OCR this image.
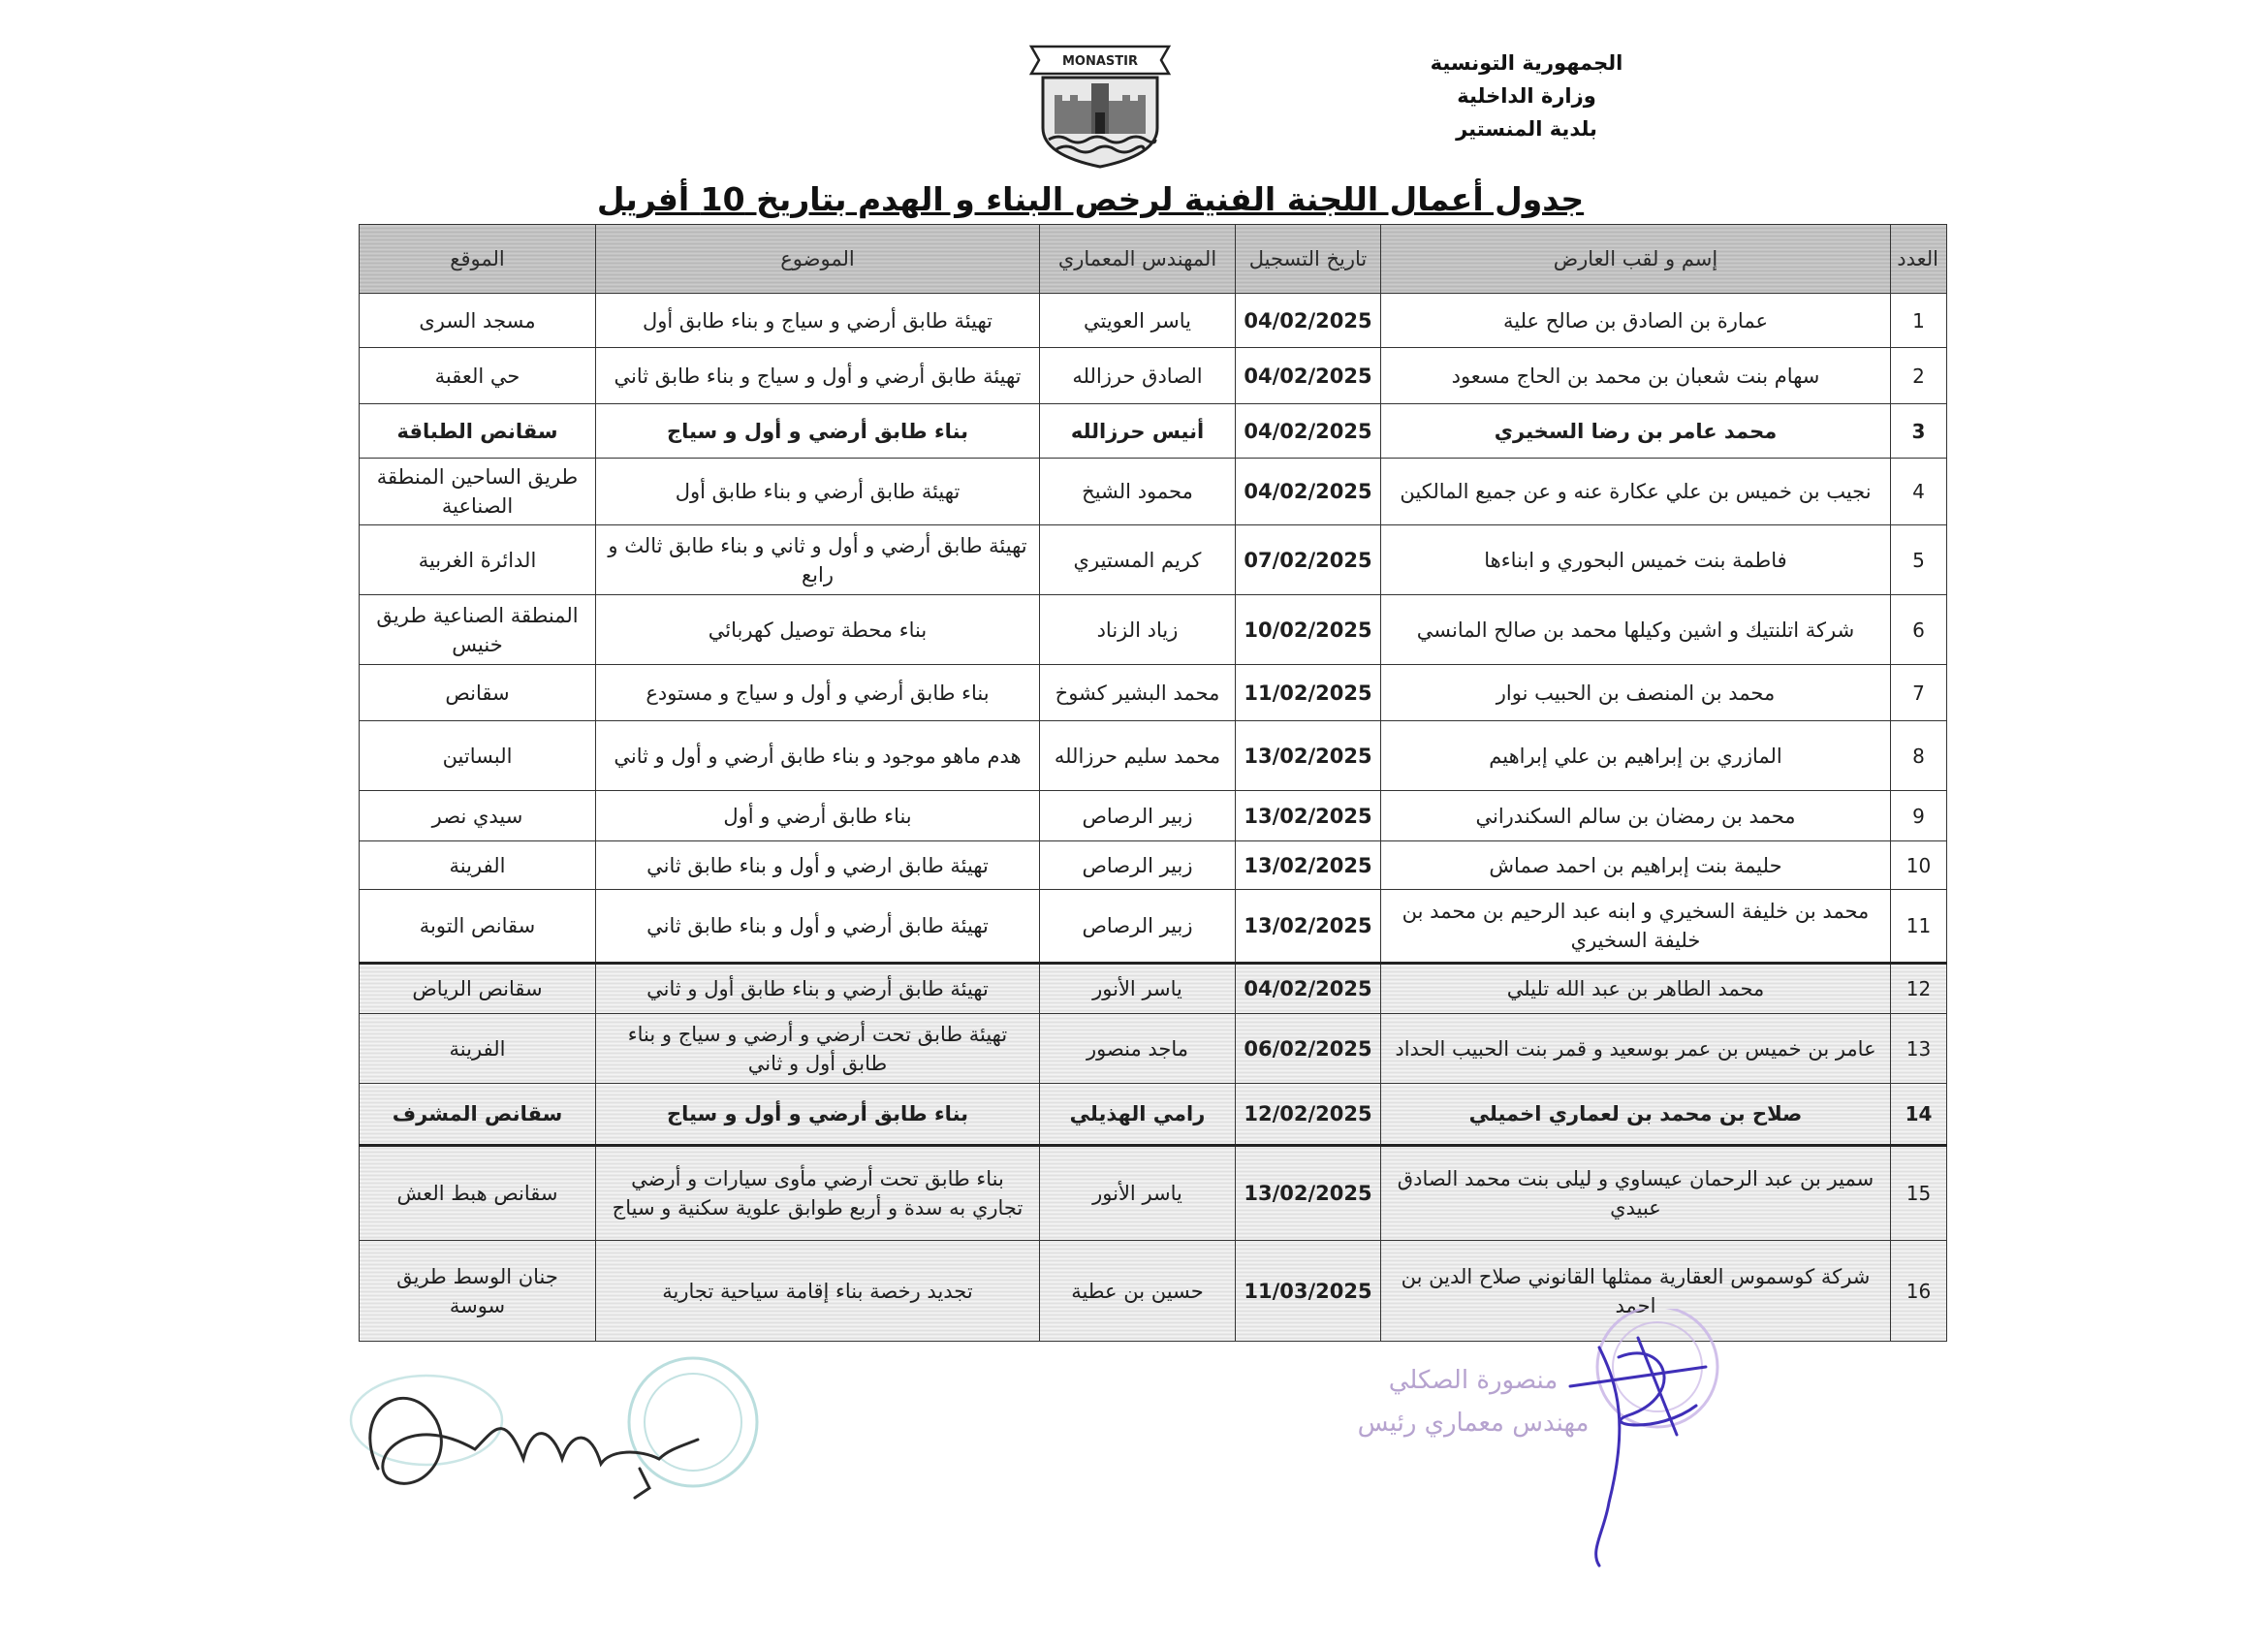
الجمهورية التونسية
وزارة الداخلية
بلدية المنستير
MONASTIR
جدول أعمال اللجنة الفنية لرخص البناء و الهدم بتاريخ 10 أفريل
العدد	إسم و لقب العارض	تاريخ التسجيل	المهندس المعماري	الموضوع	الموقع
1	عمارة بن الصادق بن صالح علية	04/02/2025	ياسر العويتي	تهيئة طابق أرضي و سياج و بناء طابق أول	مسجد السرى
2	سهام بنت شعبان بن محمد بن الحاج مسعود	04/02/2025	الصادق حرزالله	تهيئة طابق أرضي و أول و سياج و بناء طابق ثاني	حي العقبة
3	محمد عامر بن رضا السخيري	04/02/2025	أنيس حرزالله	بناء طابق أرضي و أول و سياج	سقانص الطباقة
4	نجيب بن خميس بن علي عكارة عنه و عن جميع المالكين	04/02/2025	محمود الشيخ	تهيئة طابق أرضي و بناء طابق أول	طريق الساحين المنطقة الصناعية
5	فاطمة بنت خميس البحوري و ابناءها	07/02/2025	كريم المستيري	تهيئة طابق أرضي و أول و ثاني و بناء طابق ثالث و رابع	الدائرة الغربية
6	شركة اتلنتيك و اشين وكيلها محمد بن صالح المانسي	10/02/2025	زياد الزناد	بناء محطة توصيل كهربائي	المنطقة الصناعية طريق خنيس
7	محمد بن المنصف بن الحبيب نوار	11/02/2025	محمد البشير كشوخ	بناء طابق أرضي و أول و سياج و مستودع	سقانص
8	المازري بن إبراهيم بن علي إبراهيم	13/02/2025	محمد سليم حرزالله	هدم ماهو موجود و بناء طابق أرضي و أول و ثاني	البساتين
9	محمد بن رمضان بن سالم السكندراني	13/02/2025	زبير الرصاص	بناء طابق أرضي و أول	سيدي نصر
10	حليمة بنت إبراهيم بن احمد صماش	13/02/2025	زبير الرصاص	تهيئة طابق ارضي و أول و بناء طابق ثاني	الفرينة
11	محمد بن خليفة السخيري و ابنه عبد الرحيم بن محمد بن خليفة السخيري	13/02/2025	زبير الرصاص	تهيئة طابق أرضي و أول و بناء طابق ثاني	سقانص التوبة
12	محمد الطاهر بن عبد الله تليلي	04/02/2025	ياسر الأنور	تهيئة طابق أرضي و بناء طابق أول و ثاني	سقانص الرياض
13	عامر بن خميس بن عمر بوسعيد و قمر بنت الحبيب الحداد	06/02/2025	ماجد منصور	تهيئة طابق تحت أرضي و أرضي و سياج و بناء طابق أول و ثاني	الفرينة
14	صلاح بن محمد بن لعماري اخميلي	12/02/2025	رامي الهذيلي	بناء طابق أرضي و أول و سياج	سقانص المشرف
15	سمير بن عبد الرحمان عيساوي و ليلى بنت محمد الصادق عبيدي	13/02/2025	ياسر الأنور	بناء طابق تحت أرضي مأوى سيارات و أرضي تجاري به سدة و أربع طوابق علوية سكنية و سياج	سقانص هبط العش
16	شركة كوسموس العقارية ممثلها القانوني صلاح الدين بن احمد	11/03/2025	حسين بن عطية	تجديد رخصة بناء إقامة سياحية تجارية	جنان الوسط طريق سوسة
منصورة الصكلي
مهندس معماري رئيس
